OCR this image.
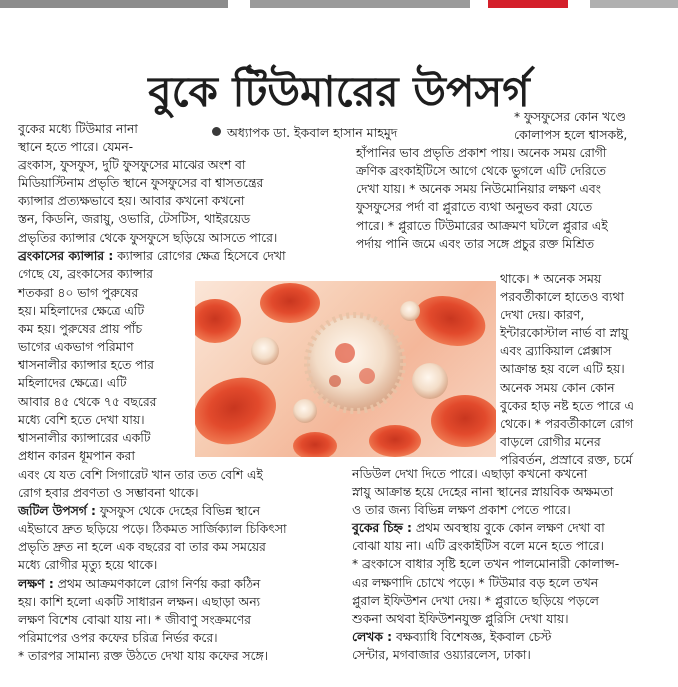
বুকে টিউমারের উপসর্গ
অধ্যাপক ডা. ইকবাল হাসান মাহমুদ

বুকের মধ্যে টিউমার নানা

স্থানে হতে পারে। যেমন-

ব্রংকাস, ফুসফুস, দুটি ফুসফুসের মাঝের অংশ বা

মিডিয়াস্টিনাম প্রভৃতি স্থানে ফুসফুসের বা শ্বাসতন্ত্রের

ক্যান্সার প্রত্যক্ষভাবে হয়। আবার কখনো কখনো

স্তন, কিডনি, জরায়ু, ওভারি, টেসটিস, থাইরয়েড

প্রভৃতির ক্যান্সার থেকে ফুসফুসে ছড়িয়ে আসতে পারে।

ব্রংকাসের ক্যান্সার : ক্যান্সার রোগের ক্ষেত্র হিসেবে দেখা

গেছে যে, ব্রংকাসের ক্যান্সার

শতকরা ৪০ ভাগ পুরুষের

হয়। মহিলাদের ক্ষেত্রে এটি

কম হয়। পুরুষের প্রায় পাঁচ

ভাগের একভাগ পরিমাণ

শ্বাসনালীর ক্যান্সার হতে পার

মহিলাদের ক্ষেত্রে। এটি

আবার ৪৫ থেকে ৭৫ বছরের

মধ্যে বেশি হতে দেখা যায়।

শ্বাসনালীর ক্যান্সারের একটি

প্রধান কারন ধূমপান করা

এবং যে যত বেশি সিগারেট খান তার তত বেশি এই

রোগ হবার প্রবণতা ও সম্ভাবনা থাকে।

জটিল উপসর্গ : ফুসফুস থেকে দেহের বিভিন্ন স্থানে

এইভাবে দ্রুত ছড়িয়ে পড়ে। ঠিকমত সার্জিক্যাল চিকিৎসা

প্রভৃতি দ্রুত না হলে এক বছরের বা তার কম সময়ের

মধ্যে রোগীর মৃত্যু হয়ে থাকে।

লক্ষণ : প্রথম আক্রমণকালে রোগ নির্ণয় করা কঠিন

হয়। কাশি হলো একটি সাধারন লক্ষন। এছাড়া অন্য

লক্ষণ বিশেষ বোঝা যায় না। * জীবাণু সংক্রমণের

পরিমাপের ওপর কফের চরিত্র নির্ভর করে।

* তারপর সামান্য রক্ত উঠতে দেখা যায় কফের সঙ্গে।

* ফুসফুসের কোন খণ্ডে

কোলাপস হলে শ্বাসকষ্ট,

হাঁপানির ভাব প্রভৃতি প্রকাশ পায়। অনেক সময় রোগী

ক্রণিক ব্রংকাইটিসে আগে থেকে ভুগলে এটি দেরিতে

দেখা যায়। * অনেক সময় নিউমোনিয়ার লক্ষণ এবং

ফুসফুসের পর্দা বা প্লুরাতে ব্যথা অনুভব করা যেতে

পারে। * প্লুরাতে টিউমারের আক্রমণ ঘটলে প্লুরার এই

পর্দায় পানি জমে এবং তার সঙ্গে প্রচুর রক্ত মিশ্রিত

থাকে। * অনেক সময়

পরবর্তীকালে হাতেও ব্যথা

দেখা দেয়। কারণ,

ইন্টারকোস্টাল নার্ভ বা স্নায়ু

এবং ব্র্যাকিয়াল প্লেক্সাস

আক্রান্ত হয় বলে এটি হয়।

অনেক সময় কোন কোন

বুকের হাড় নষ্ট হতে পারে এ

থেকে। * পরবর্তীকালে রোগ

বাড়লে রোগীর মনের

পরিবর্তন, প্রস্রাবে রক্ত, চর্মে

নডিউল দেখা দিতে পারে। এছাড়া কখনো কখনো

স্নায়ু আক্রান্ত হয়ে দেহের নানা স্থানের স্নায়বিক অক্ষমতা

ও তার জন্য বিভিন্ন লক্ষণ প্রকাশ পেতে পারে।

বুকের চিহ্ন : প্রথম অবস্থায় বুকে কোন লক্ষণ দেখা বা

বোঝা যায় না। এটি ব্রংকাইটিস বলে মনে হতে পারে।

* ব্রংকাসে বাধার সৃষ্টি হলে তখন পালমোনারী কোলাপ্স-

এর লক্ষণাদি চোখে পড়ে। * টিউমার বড় হলে তখন

প্লুরাল ইফিউশন দেখা দেয়। * প্লুরাতে ছড়িয়ে পড়লে

শুকনা অথবা ইফিউশনযুক্ত প্লুরিসি দেখা যায়।

লেখক : বক্ষব্যাধি বিশেষজ্ঞ, ইকবাল চেস্ট

সেন্টার, মগবাজার ওয়্যারলেস, ঢাকা।
